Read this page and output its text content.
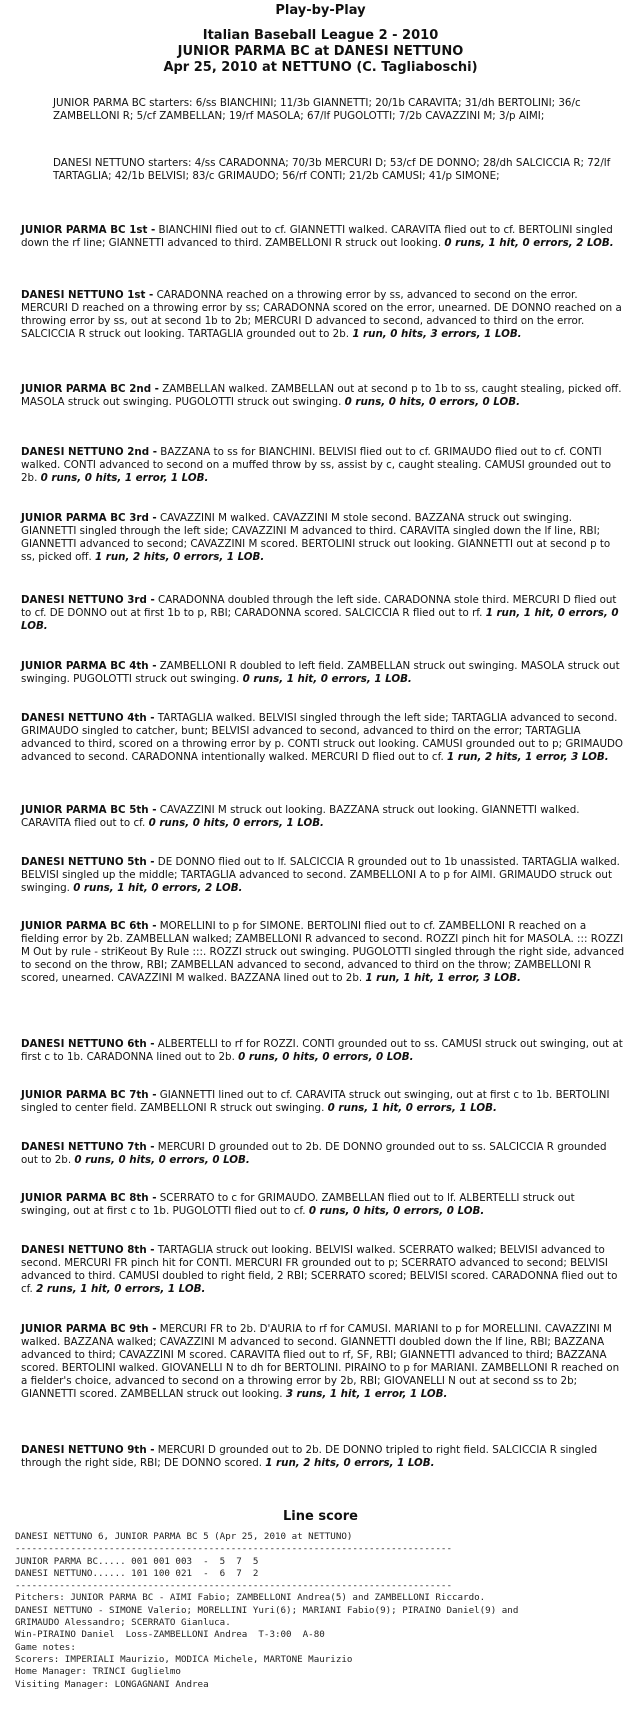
Play-by-Play
Italian Baseball League 2 - 2010
JUNIOR PARMA BC at DANESI NETTUNO
Apr 25, 2010 at NETTUNO (C. Tagliaboschi)

JUNIOR PARMA BC starters: 6/ss BIANCHINI; 11/3b GIANNETTI; 20/1b CARAVITA; 31/dh BERTOLINI; 36/c ZAMBELLONI R; 5/cf ZAMBELLAN; 19/rf MASOLA; 67/lf PUGOLOTTI; 7/2b CAVAZZINI M; 3/p AIMI;

DANESI NETTUNO starters: 4/ss CARADONNA; 70/3b MERCURI D; 53/cf DE DONNO; 28/dh SALCICCIA R; 72/lf TARTAGLIA; 42/1b BELVISI; 83/c GRIMAUDO; 56/rf CONTI; 21/2b CAMUSI; 41/p SIMONE;

JUNIOR PARMA BC 1st - BIANCHINI flied out to cf. GIANNETTI walked. CARAVITA flied out to cf. BERTOLINI singled down the rf line; GIANNETTI advanced to third. ZAMBELLONI R struck out looking. 0 runs, 1 hit, 0 errors, 2 LOB.

DANESI NETTUNO 1st - CARADONNA reached on a throwing error by ss, advanced to second on the error. MERCURI D reached on a throwing error by ss; CARADONNA scored on the error, unearned. DE DONNO reached on a throwing error by ss, out at second 1b to 2b; MERCURI D advanced to second, advanced to third on the error. SALCICCIA R struck out looking. TARTAGLIA grounded out to 2b. 1 run, 0 hits, 3 errors, 1 LOB.

JUNIOR PARMA BC 2nd - ZAMBELLAN walked. ZAMBELLAN out at second p to 1b to ss, caught stealing, picked off. MASOLA struck out swinging. PUGOLOTTI struck out swinging. 0 runs, 0 hits, 0 errors, 0 LOB.

DANESI NETTUNO 2nd - BAZZANA to ss for BIANCHINI. BELVISI flied out to cf. GRIMAUDO flied out to cf. CONTI walked. CONTI advanced to second on a muffed throw by ss, assist by c, caught stealing. CAMUSI grounded out to 2b. 0 runs, 0 hits, 1 error, 1 LOB.

JUNIOR PARMA BC 3rd - CAVAZZINI M walked. CAVAZZINI M stole second. BAZZANA struck out swinging. GIANNETTI singled through the left side; CAVAZZINI M advanced to third. CARAVITA singled down the lf line, RBI; GIANNETTI advanced to second; CAVAZZINI M scored. BERTOLINI struck out looking. GIANNETTI out at second p to ss, picked off. 1 run, 2 hits, 0 errors, 1 LOB.

DANESI NETTUNO 3rd - CARADONNA doubled through the left side. CARADONNA stole third. MERCURI D flied out to cf. DE DONNO out at first 1b to p, RBI; CARADONNA scored. SALCICCIA R flied out to rf. 1 run, 1 hit, 0 errors, 0 LOB.

JUNIOR PARMA BC 4th - ZAMBELLONI R doubled to left field. ZAMBELLAN struck out swinging. MASOLA struck out swinging. PUGOLOTTI struck out swinging. 0 runs, 1 hit, 0 errors, 1 LOB.

DANESI NETTUNO 4th - TARTAGLIA walked. BELVISI singled through the left side; TARTAGLIA advanced to second. GRIMAUDO singled to catcher, bunt; BELVISI advanced to second, advanced to third on the error; TARTAGLIA advanced to third, scored on a throwing error by p. CONTI struck out looking. CAMUSI grounded out to p; GRIMAUDO advanced to second. CARADONNA intentionally walked. MERCURI D flied out to cf. 1 run, 2 hits, 1 error, 3 LOB.

JUNIOR PARMA BC 5th - CAVAZZINI M struck out looking. BAZZANA struck out looking. GIANNETTI walked. CARAVITA flied out to cf. 0 runs, 0 hits, 0 errors, 1 LOB.

DANESI NETTUNO 5th - DE DONNO flied out to lf. SALCICCIA R grounded out to 1b unassisted. TARTAGLIA walked. BELVISI singled up the middle; TARTAGLIA advanced to second. ZAMBELLONI A to p for AIMI. GRIMAUDO struck out swinging. 0 runs, 1 hit, 0 errors, 2 LOB.

JUNIOR PARMA BC 6th - MORELLINI to p for SIMONE. BERTOLINI flied out to cf. ZAMBELLONI R reached on a fielding error by 2b. ZAMBELLAN walked; ZAMBELLONI R advanced to second. ROZZI pinch hit for MASOLA. ::: ROZZI M Out by rule - striKeout By Rule :::. ROZZI struck out swinging. PUGOLOTTI singled through the right side, advanced to second on the throw, RBI; ZAMBELLAN advanced to second, advanced to third on the throw; ZAMBELLONI R scored, unearned. CAVAZZINI M walked. BAZZANA lined out to 2b. 1 run, 1 hit, 1 error, 3 LOB.

DANESI NETTUNO 6th - ALBERTELLI to rf for ROZZI. CONTI grounded out to ss. CAMUSI struck out swinging, out at first c to 1b. CARADONNA lined out to 2b. 0 runs, 0 hits, 0 errors, 0 LOB.

JUNIOR PARMA BC 7th - GIANNETTI lined out to cf. CARAVITA struck out swinging, out at first c to 1b. BERTOLINI singled to center field. ZAMBELLONI R struck out swinging. 0 runs, 1 hit, 0 errors, 1 LOB.

DANESI NETTUNO 7th - MERCURI D grounded out to 2b. DE DONNO grounded out to ss. SALCICCIA R grounded out to 2b. 0 runs, 0 hits, 0 errors, 0 LOB.

JUNIOR PARMA BC 8th - SCERRATO to c for GRIMAUDO. ZAMBELLAN flied out to lf. ALBERTELLI struck out swinging, out at first c to 1b. PUGOLOTTI flied out to cf. 0 runs, 0 hits, 0 errors, 0 LOB.

DANESI NETTUNO 8th - TARTAGLIA struck out looking. BELVISI walked. SCERRATO walked; BELVISI advanced to second. MERCURI FR pinch hit for CONTI. MERCURI FR grounded out to p; SCERRATO advanced to second; BELVISI advanced to third. CAMUSI doubled to right field, 2 RBI; SCERRATO scored; BELVISI scored. CARADONNA flied out to cf. 2 runs, 1 hit, 0 errors, 1 LOB.

JUNIOR PARMA BC 9th - MERCURI FR to 2b. D'AURIA to rf for CAMUSI. MARIANI to p for MORELLINI. CAVAZZINI M walked. BAZZANA walked; CAVAZZINI M advanced to second. GIANNETTI doubled down the lf line, RBI; BAZZANA advanced to third; CAVAZZINI M scored. CARAVITA flied out to rf, SF, RBI; GIANNETTI advanced to third; BAZZANA scored. BERTOLINI walked. GIOVANELLI N to dh for BERTOLINI. PIRAINO to p for MARIANI. ZAMBELLONI R reached on a fielder's choice, advanced to second on a throwing error by 2b, RBI; GIOVANELLI N out at second ss to 2b; GIANNETTI scored. ZAMBELLAN struck out looking. 3 runs, 1 hit, 1 error, 1 LOB.

DANESI NETTUNO 9th - MERCURI D grounded out to 2b. DE DONNO tripled to right field. SALCICCIA R singled through the right side, RBI; DE DONNO scored. 1 run, 2 hits, 0 errors, 1 LOB.

Line score
DANESI NETTUNO 6, JUNIOR PARMA BC 5 (Apr 25, 2010 at NETTUNO)
-------------------------------------------------------------------------------
JUNIOR PARMA BC..... 001 001 003  -  5  7  5
DANESI NETTUNO...... 101 100 021  -  6  7  2
-------------------------------------------------------------------------------
Pitchers: JUNIOR PARMA BC - AIMI Fabio; ZAMBELLONI Andrea(5) and ZAMBELLONI Riccardo.
DANESI NETTUNO - SIMONE Valerio; MORELLINI Yuri(6); MARIANI Fabio(9); PIRAINO Daniel(9) and
GRIMAUDO Alessandro; SCERRATO Gianluca.
Win-PIRAINO Daniel  Loss-ZAMBELLONI Andrea  T-3:00  A-80
Game notes:
Scorers: IMPERIALI Maurizio, MODICA Michele, MARTONE Maurizio
Home Manager: TRINCI Guglielmo
Visiting Manager: LONGAGNANI Andrea
